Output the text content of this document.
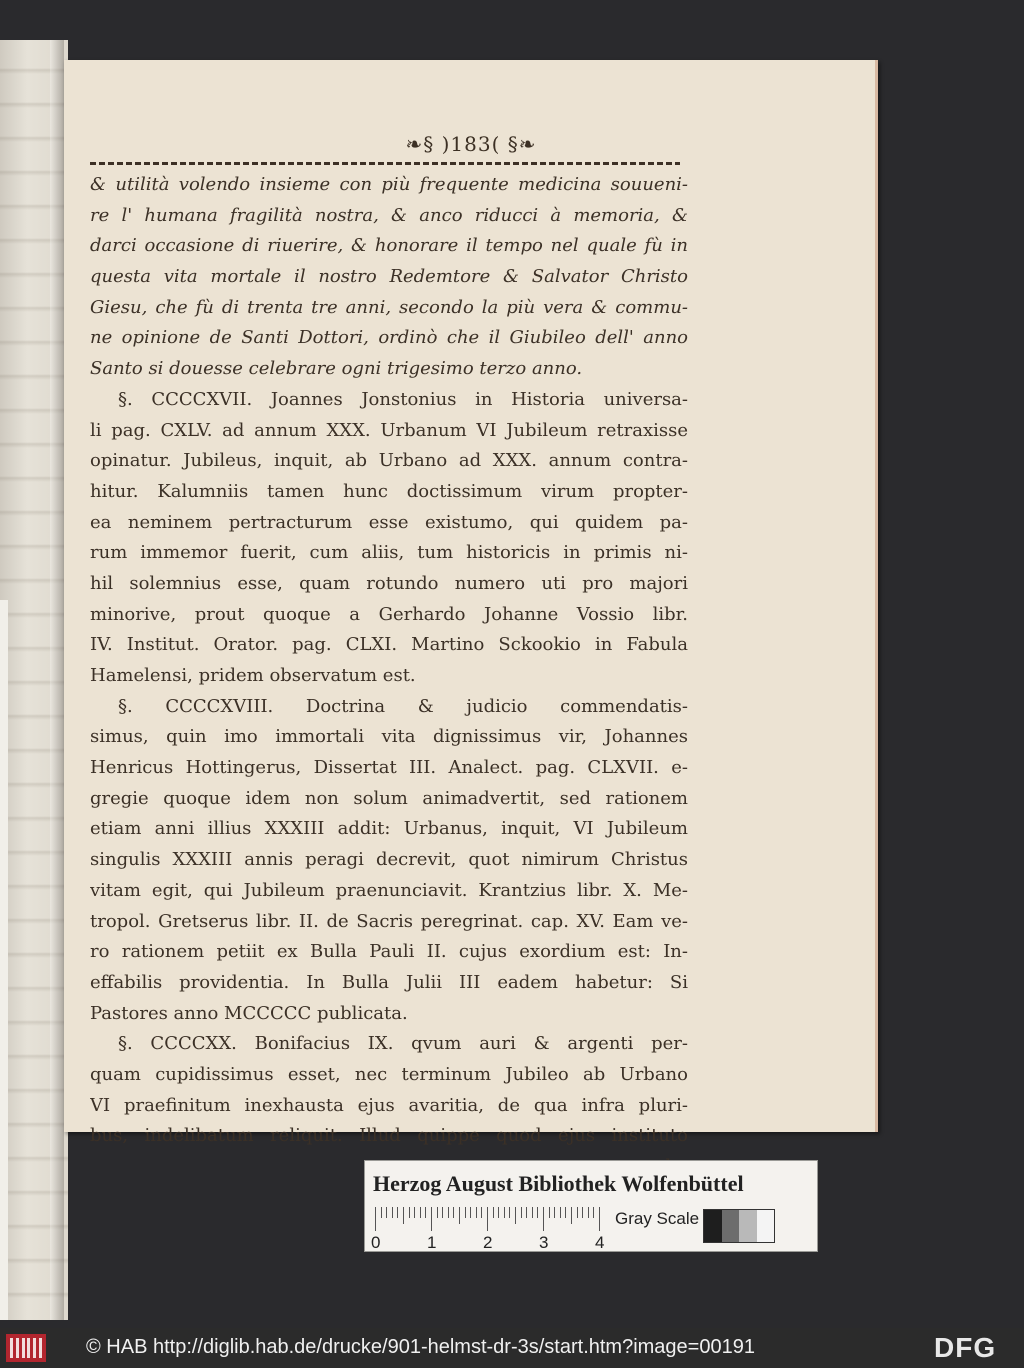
❧§ )183( §❧
& utilità volendo insieme con più frequente medicina souueni-
re l' humana fragilità nostra, & anco riducci à memoria, &
darci occasione di riuerire, & honorare il tempo nel quale fù in
questa vita mortale il nostro Redemtore & Salvator Christo
Giesu, che fù di trenta tre anni, secondo la più vera & commu-
ne opinione de Santi Dottori, ordinò che il Giubileo dell' anno
Santo si douesse celebrare ogni trigesimo terzo anno.
§. CCCCXVII. Joannes Jonstonius in Historia universa-
li pag. CXLV. ad annum XXX. Urbanum VI Jubileum retraxisse
opinatur. Jubileus, inquit, ab Urbano ad XXX. annum contra-
hitur. Kalumniis tamen hunc doctissimum virum propter-
ea neminem pertracturum esse existumo, qui quidem pa-
rum immemor fuerit, cum aliis, tum historicis in primis ni-
hil solemnius esse, quam rotundo numero uti pro majori
minorive, prout quoque a Gerhardo Johanne Vossio libr.
IV. Institut. Orator. pag. CLXI. Martino Sckookio in Fabula
Hamelensi, pridem observatum est.
§. CCCCXVIII. Doctrina & judicio commendatis-
simus, quin imo immortali vita dignissimus vir, Johannes
Henricus Hottingerus, Dissertat III. Analect. pag. CLXVII. e-
gregie quoque idem non solum animadvertit, sed rationem
etiam anni illius XXXIII addit: Urbanus, inquit, VI Jubileum
singulis XXXIII annis peragi decrevit, quot nimirum Christus
vitam egit, qui Jubileum praenunciavit. Krantzius libr. X. Me-
tropol. Gretserus libr. II. de Sacris peregrinat. cap. XV. Eam ve-
ro rationem petiit ex Bulla Pauli II. cujus exordium est: In-
effabilis providentia. In Bulla Julii III eadem habetur: Si
Pastores anno MCCCCC publicata.
§. CCCCXX. Bonifacius IX. qvum auri & argenti per-
quam cupidissimus esset, nec terminum Jubileo ab Urbano
VI praefinitum inexhausta ejus avaritia, de qua infra pluri-
bus, indelibatum reliquit. Illud quippe quod ejus instituto
Herzog August Bibliothek Wolfenbüttel
0	1	2	3	4
Gray Scale
© HAB http://diglib.hab.de/drucke/901-helmst-dr-3s/start.htm?image=00191	DFG
